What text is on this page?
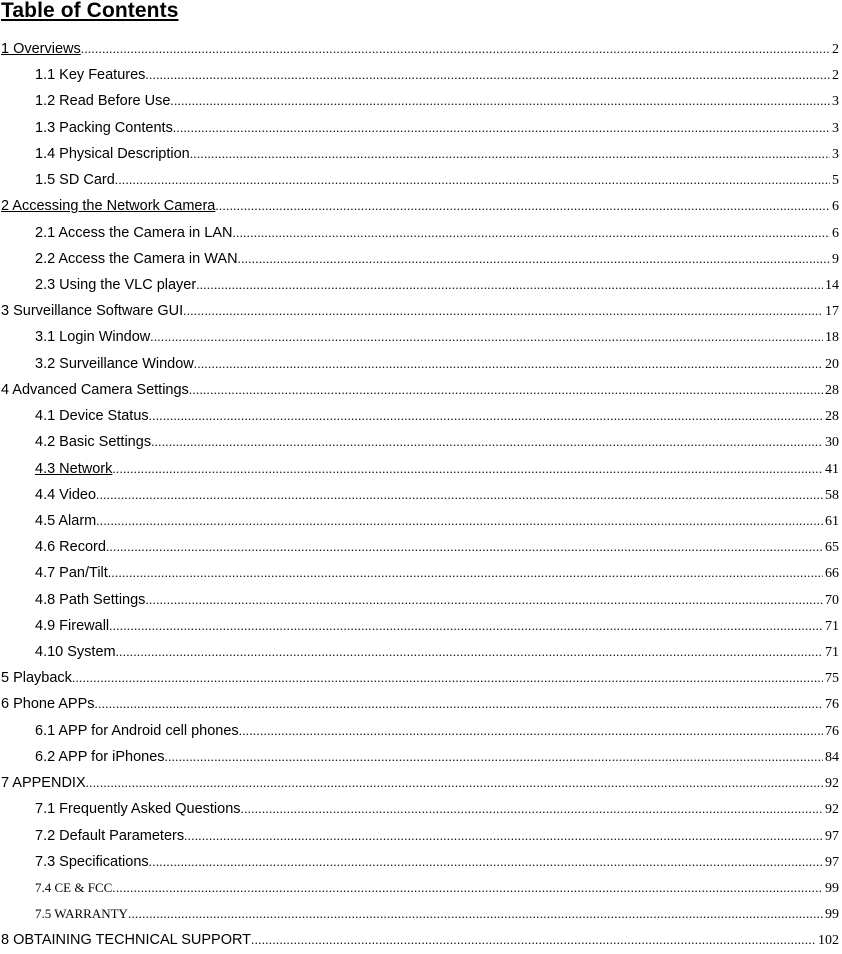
Table of Contents
1 Overviews .....	2
1.1 Key Features .....	2
1.2 Read Before Use .....	3
1.3 Packing Contents .....	3
1.4 Physical Description .....	3
1.5 SD Card .....	5
2 Accessing the Network Camera .....	6
2.1 Access the Camera in LAN .....	6
2.2 Access the Camera in WAN .....	9
2.3 Using the VLC player .....	14
3 Surveillance Software GUI .....	17
3.1 Login Window .....	18
3.2 Surveillance Window .....	20
4 Advanced Camera Settings .....	28
4.1 Device Status .....	28
4.2 Basic Settings .....	30
4.3 Network .....	41
4.4 Video .....	58
4.5 Alarm .....	61
4.6 Record .....	65
4.7 Pan/Tilt .....	66
4.8 Path Settings .....	70
4.9 Firewall .....	71
4.10 System .....	71
5 Playback .....	75
6 Phone APPs .....	76
6.1 APP for Android cell phones .....	76
6.2 APP for iPhones .....	84
7 APPENDIX .....	92
7.1 Frequently Asked Questions .....	92
7.2 Default Parameters .....	97
7.3 Specifications .....	97
7.4 CE & FCC .....	99
7.5 WARRANTY .....	99
8 OBTAINING TECHNICAL SUPPORT .....	102
